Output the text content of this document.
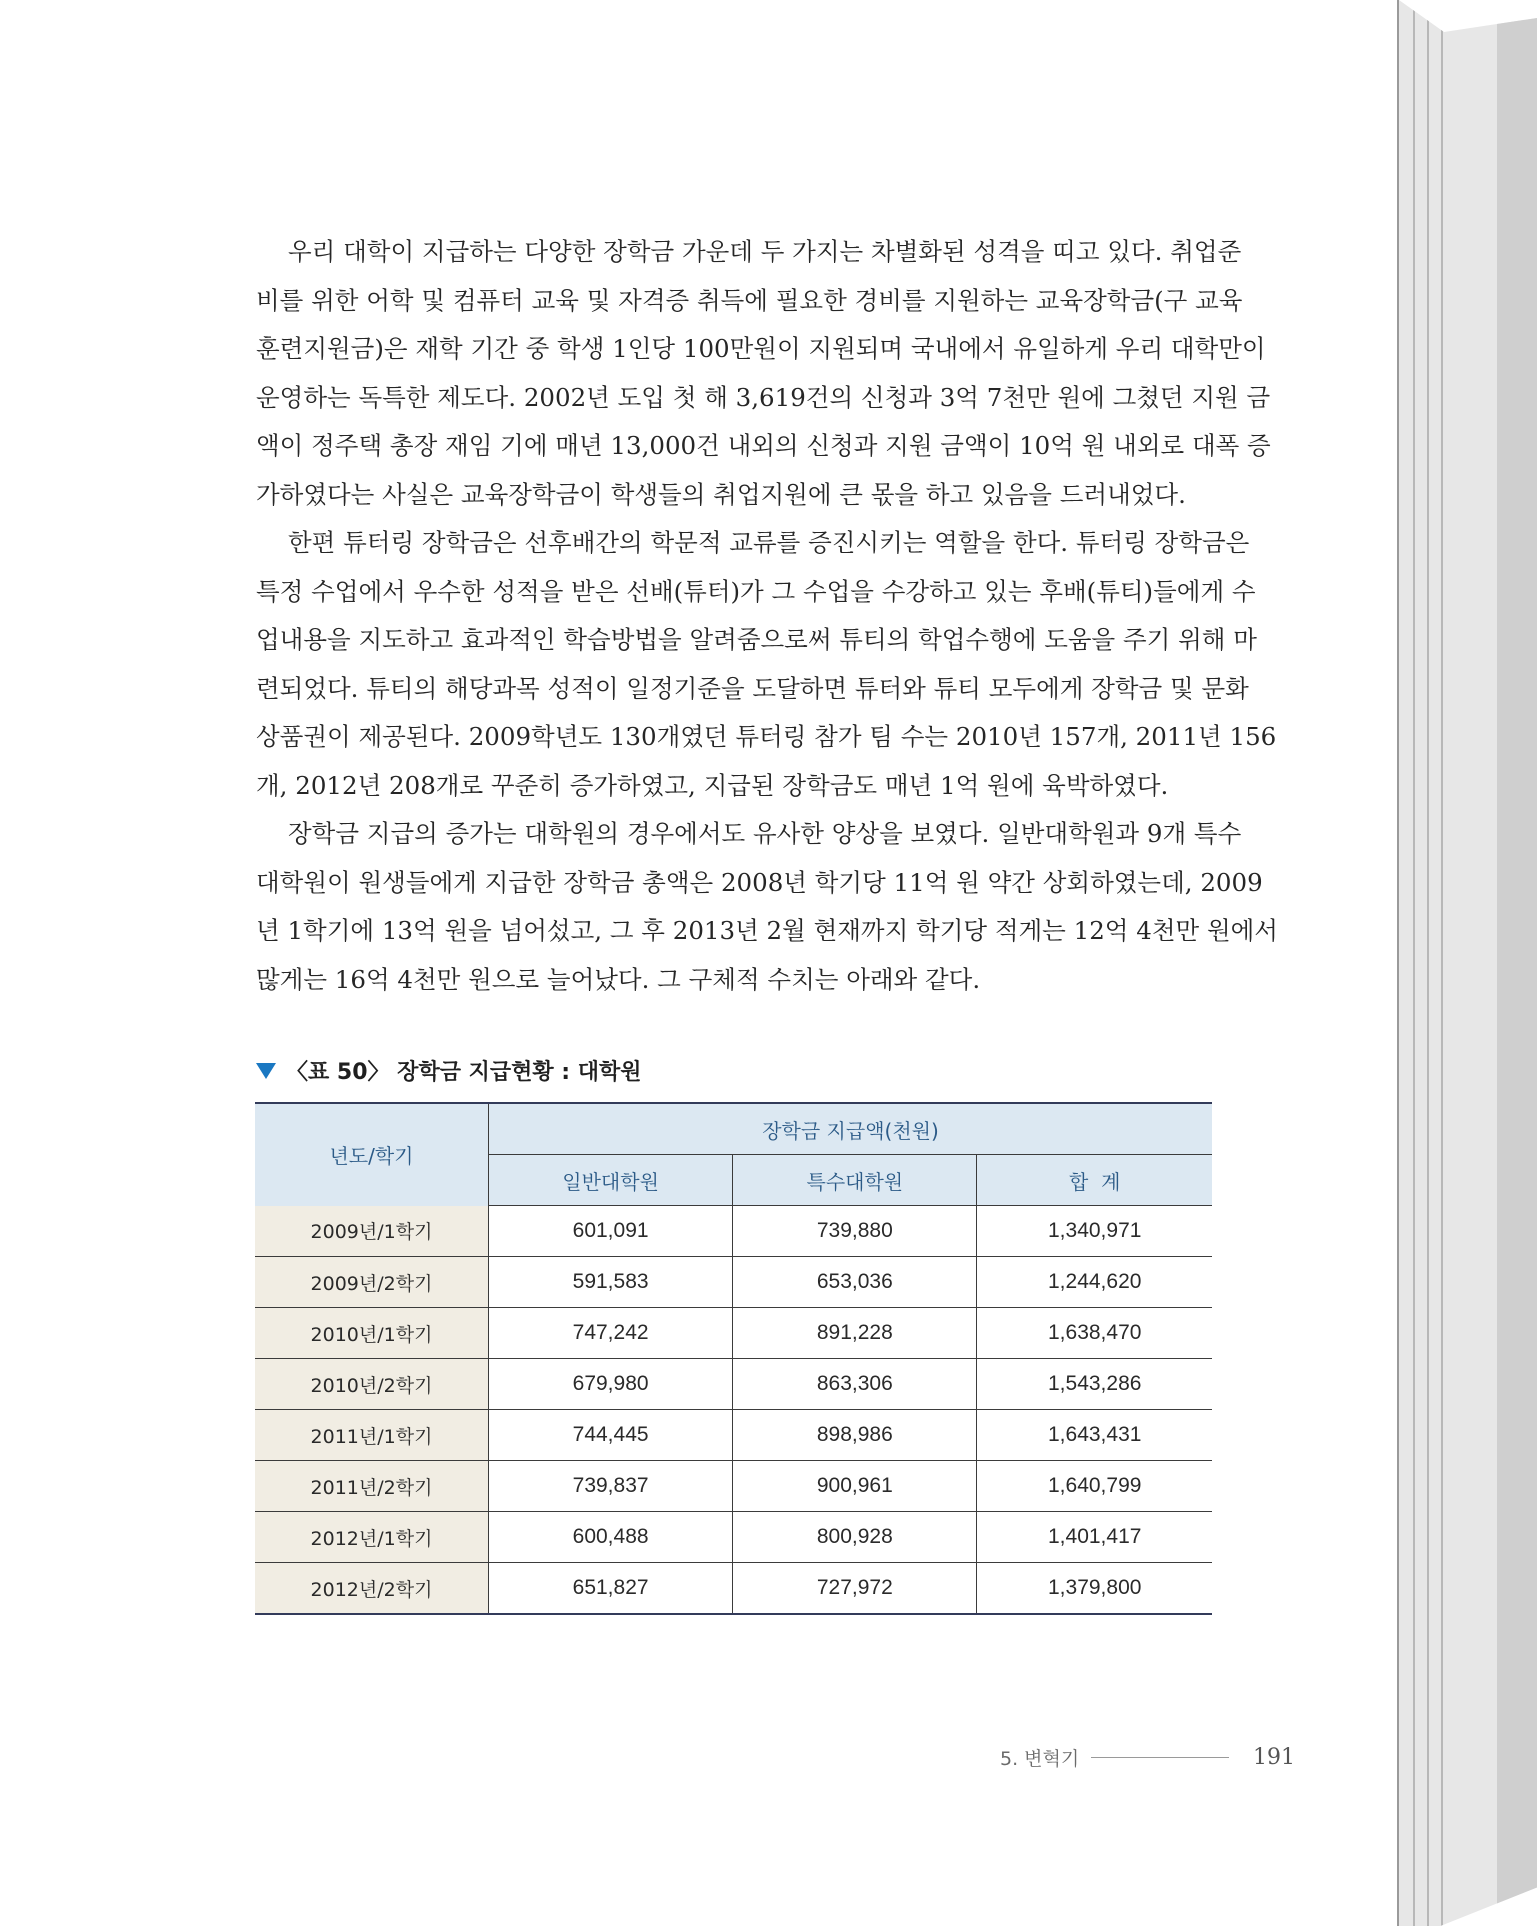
우리 대학이 지급하는 다양한 장학금 가운데 두 가지는 차별화된 성격을 띠고 있다. 취업준
비를 위한 어학 및 컴퓨터 교육 및 자격증 취득에 필요한 경비를 지원하는 교육장학금(구 교육
훈련지원금)은 재학 기간 중 학생 1인당 100만원이 지원되며 국내에서 유일하게 우리 대학만이
운영하는 독특한 제도다. 2002년 도입 첫 해 3,619건의 신청과 3억 7천만 원에 그쳤던 지원 금
액이 정주택 총장 재임 기에 매년 13,000건 내외의 신청과 지원 금액이 10억 원 내외로 대폭 증
가하였다는 사실은 교육장학금이 학생들의 취업지원에 큰 몫을 하고 있음을 드러내었다.

한편 튜터링 장학금은 선후배간의 학문적 교류를 증진시키는 역할을 한다. 튜터링 장학금은
특정 수업에서 우수한 성적을 받은 선배(튜터)가 그 수업을 수강하고 있는 후배(튜티)들에게 수
업내용을 지도하고 효과적인 학습방법을 알려줌으로써 튜티의 학업수행에 도움을 주기 위해 마
련되었다. 튜티의 해당과목 성적이 일정기준을 도달하면 튜터와 튜티 모두에게 장학금 및 문화
상품권이 제공된다. 2009학년도 130개였던 튜터링 참가 팀 수는 2010년 157개, 2011년 156
개, 2012년 208개로 꾸준히 증가하였고, 지급된 장학금도 매년 1억 원에 육박하였다.

장학금 지급의 증가는 대학원의 경우에서도 유사한 양상을 보였다. 일반대학원과 9개 특수
대학원이 원생들에게 지급한 장학금 총액은 2008년 학기당 11억 원 약간 상회하였는데, 2009
년 1학기에 13억 원을 넘어섰고, 그 후 2013년 2월 현재까지 학기당 적게는 12억 4천만 원에서
많게는 16억 4천만 원으로 늘어났다. 그 구체적 수치는 아래와 같다.

〈표 50〉 장학금 지급현황 : 대학원
년도/학기	장학금 지급액(천원)		
	일반대학원	특수대학원	합  계
2009년/1학기	601,091	739,880	1,340,971
2009년/2학기	591,583	653,036	1,244,620
2010년/1학기	747,242	891,228	1,638,470
2010년/2학기	679,980	863,306	1,543,286
2011년/1학기	744,445	898,986	1,643,431
2011년/2학기	739,837	900,961	1,640,799
2012년/1학기	600,488	800,928	1,401,417
2012년/2학기	651,827	727,972	1,379,800
5. 변혁기	191
